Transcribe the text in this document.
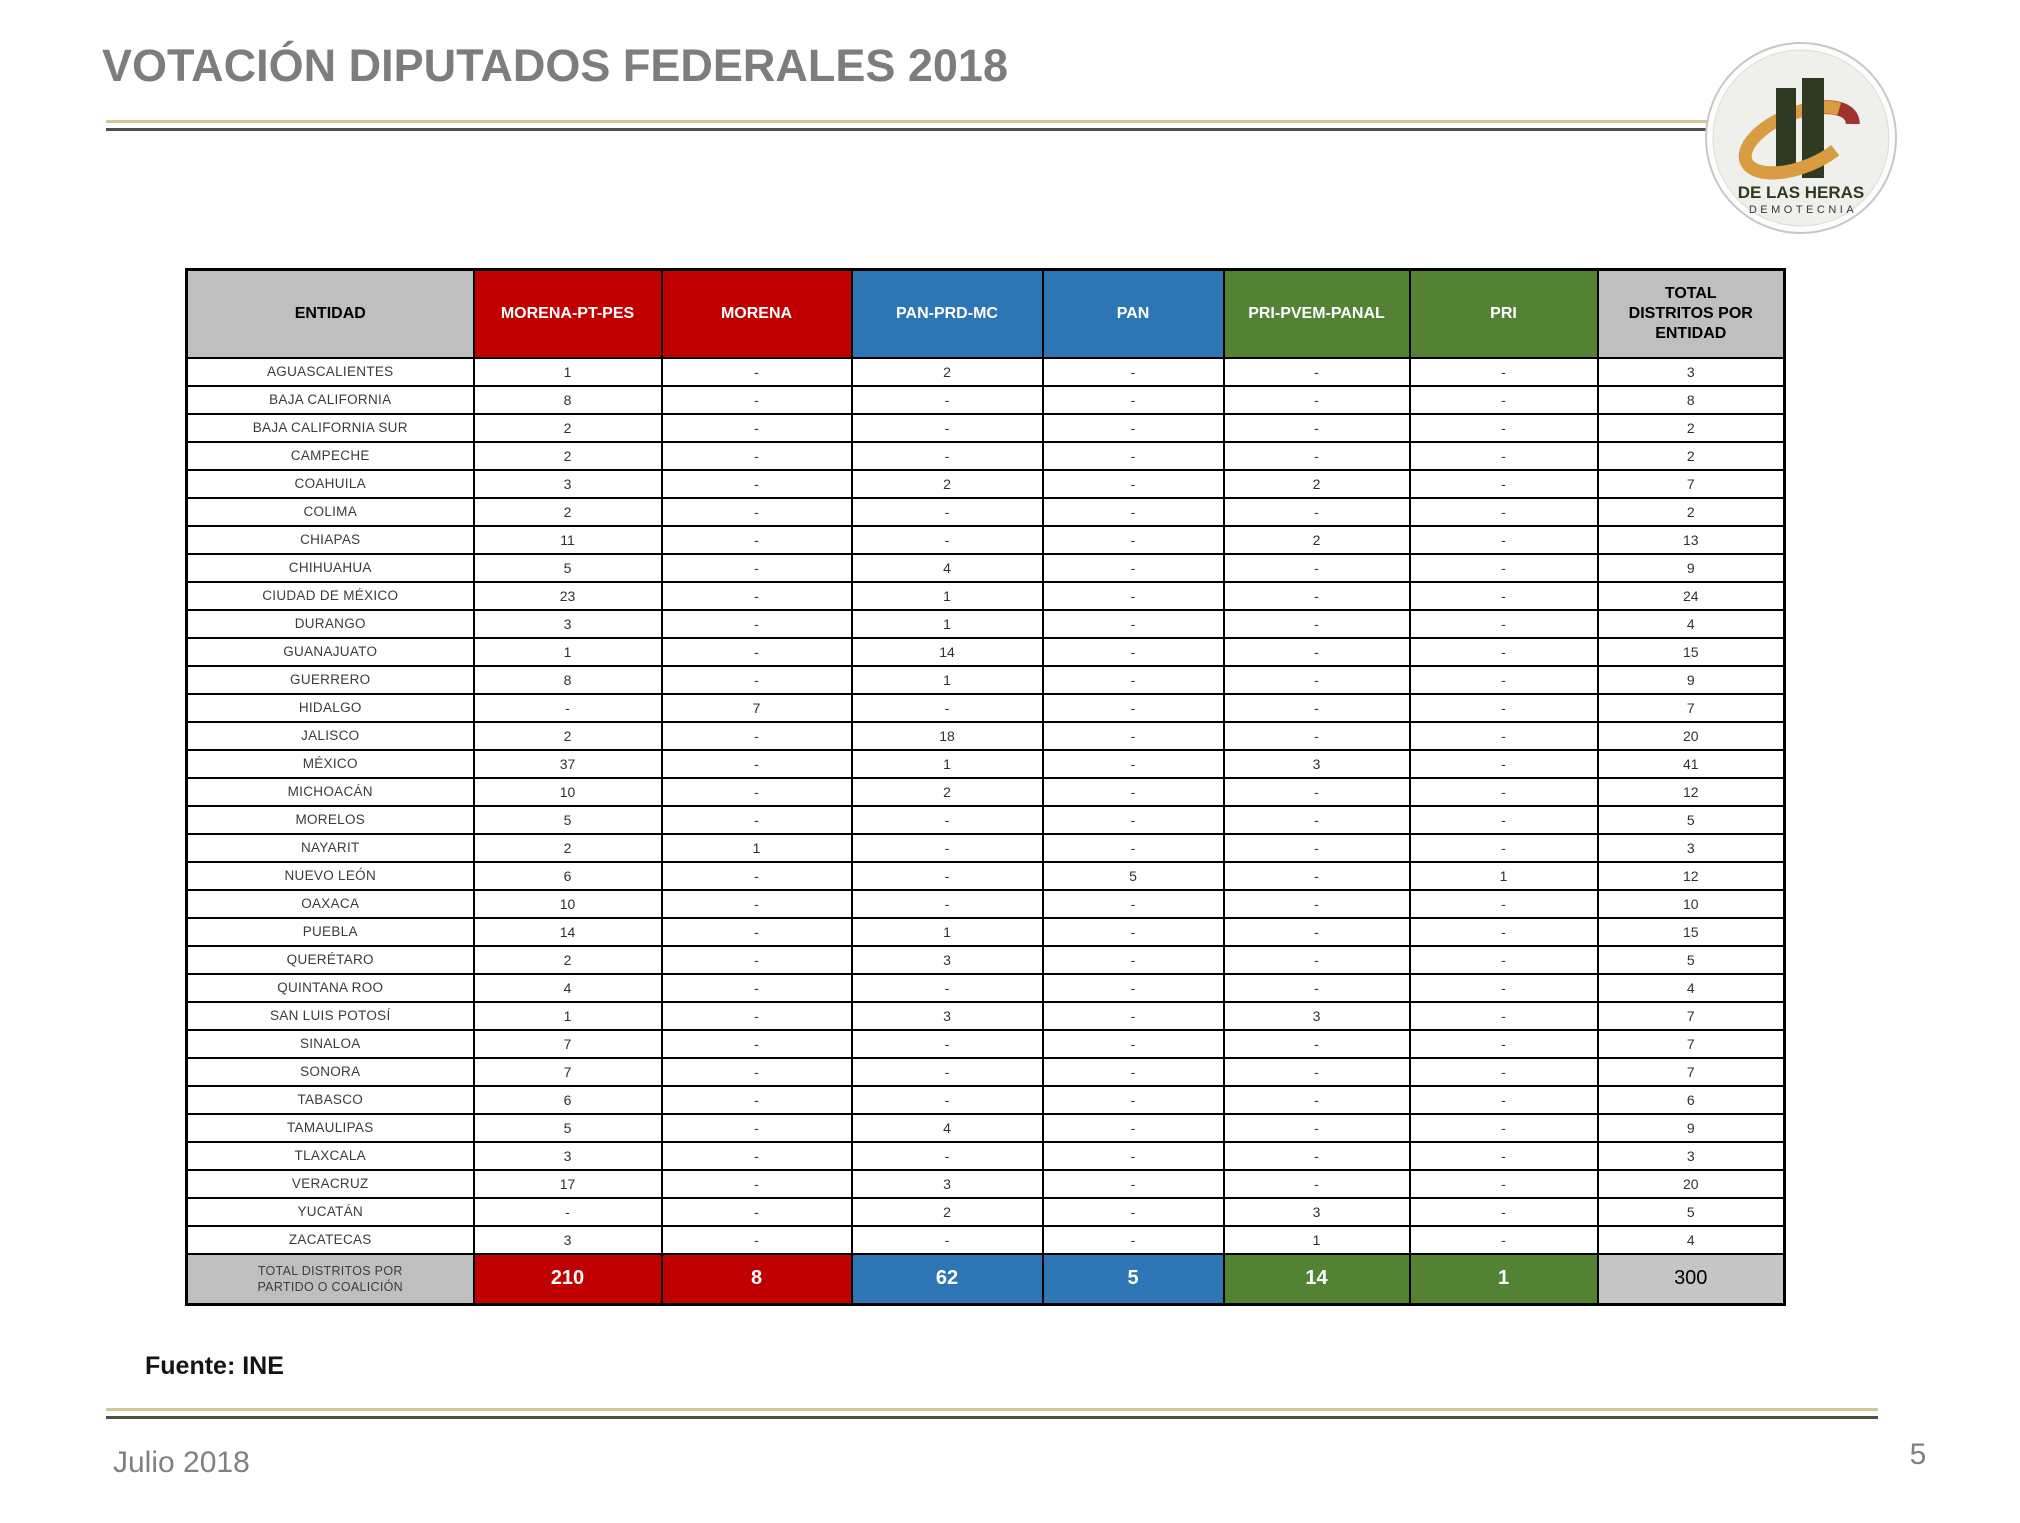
VOTACIÓN DIPUTADOS FEDERALES 2018
DE LAS HERAS
DEMOTECNIA
ENTIDAD	MORENA-PT-PES	MORENA	PAN-PRD-MC	PAN	PRI-PVEM-PANAL	PRI	TOTAL DISTRITOS POR ENTIDAD
AGUASCALIENTES	1	-	2	-	-	-	3
BAJA CALIFORNIA	8	-	-	-	-	-	8
BAJA CALIFORNIA SUR	2	-	-	-	-	-	2
CAMPECHE	2	-	-	-	-	-	2
COAHUILA	3	-	2	-	2	-	7
COLIMA	2	-	-	-	-	-	2
CHIAPAS	11	-	-	-	2	-	13
CHIHUAHUA	5	-	4	-	-	-	9
CIUDAD DE MÉXICO	23	-	1	-	-	-	24
DURANGO	3	-	1	-	-	-	4
GUANAJUATO	1	-	14	-	-	-	15
GUERRERO	8	-	1	-	-	-	9
HIDALGO	-	7	-	-	-	-	7
JALISCO	2	-	18	-	-	-	20
MÉXICO	37	-	1	-	3	-	41
MICHOACÁN	10	-	2	-	-	-	12
MORELOS	5	-	-	-	-	-	5
NAYARIT	2	1	-	-	-	-	3
NUEVO LEÓN	6	-	-	5	-	1	12
OAXACA	10	-	-	-	-	-	10
PUEBLA	14	-	1	-	-	-	15
QUERÉTARO	2	-	3	-	-	-	5
QUINTANA ROO	4	-	-	-	-	-	4
SAN LUIS POTOSÍ	1	-	3	-	3	-	7
SINALOA	7	-	-	-	-	-	7
SONORA	7	-	-	-	-	-	7
TABASCO	6	-	-	-	-	-	6
TAMAULIPAS	5	-	4	-	-	-	9
TLAXCALA	3	-	-	-	-	-	3
VERACRUZ	17	-	3	-	-	-	20
YUCATÁN	-	-	2	-	3	-	5
ZACATECAS	3	-	-	-	1	-	4
TOTAL DISTRITOS POR PARTIDO O COALICIÓN	210	8	62	5	14	1	300
Fuente: INE
Julio 2018	5
